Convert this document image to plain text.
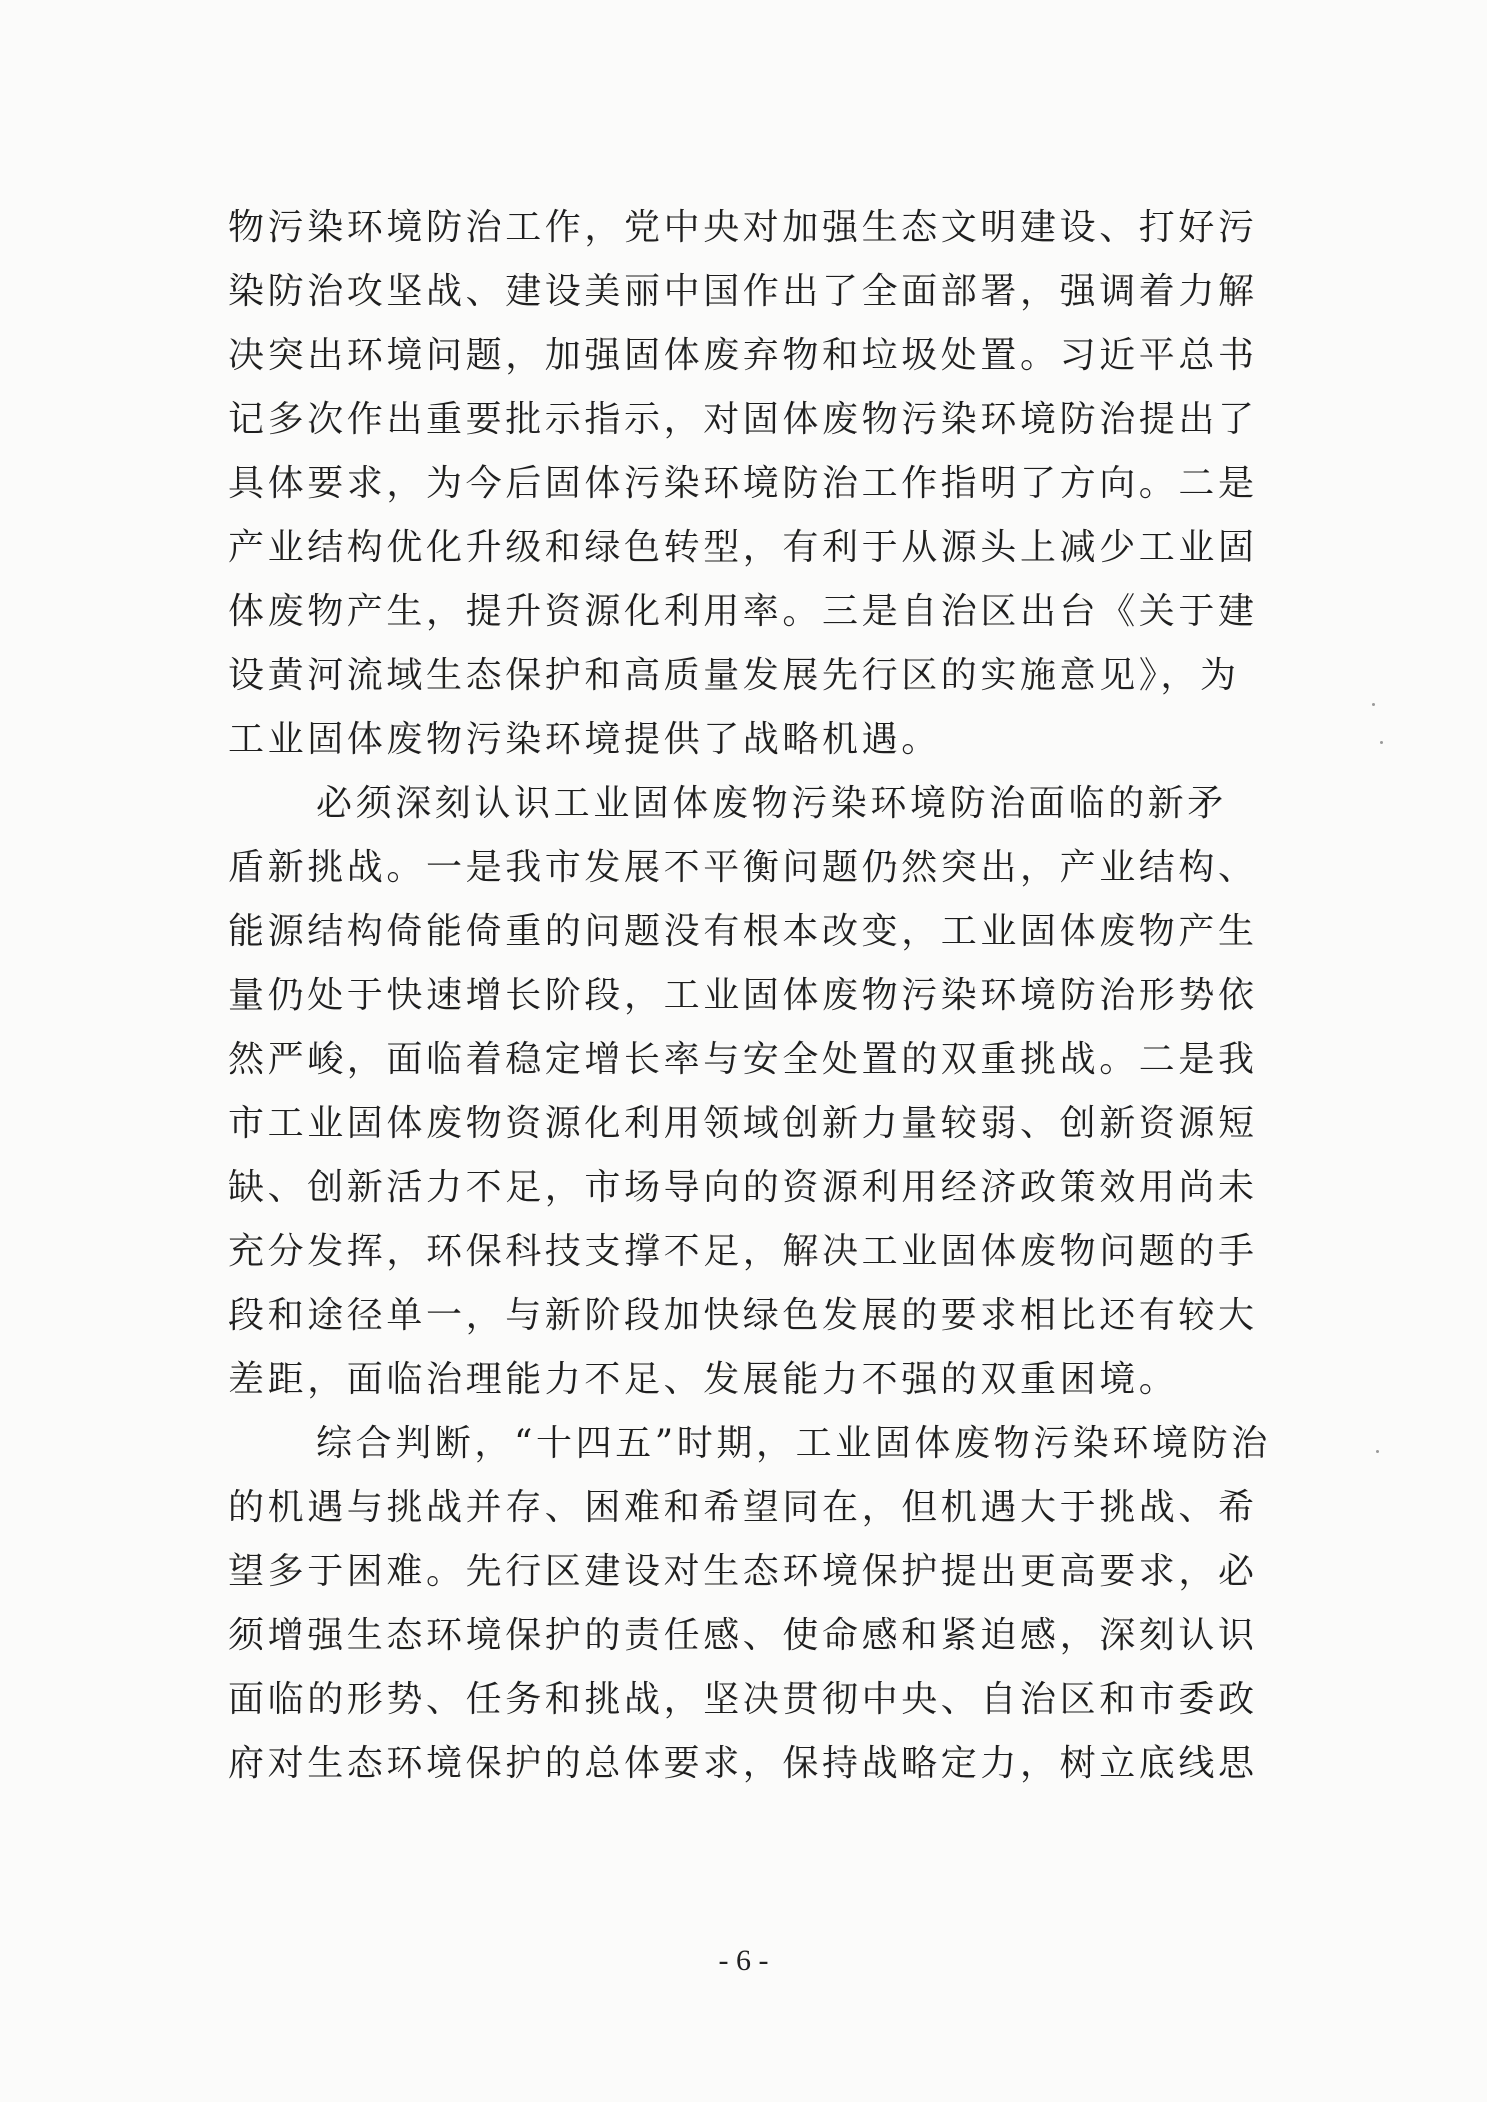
物污染环境防治工作，党中央对加强生态文明建设、打好污
染防治攻坚战、建设美丽中国作出了全面部署，强调着力解
决突出环境问题，加强固体废弃物和垃圾处置。习近平总书
记多次作出重要批示指示，对固体废物污染环境防治提出了
具体要求，为今后固体污染环境防治工作指明了方向。二是
产业结构优化升级和绿色转型，有利于从源头上减少工业固
体废物产生，提升资源化利用率。三是自治区出台《关于建
设黄河流域生态保护和高质量发展先行区的实施意见》，为
工业固体废物污染环境提供了战略机遇。
必须深刻认识工业固体废物污染环境防治面临的新矛
盾新挑战。一是我市发展不平衡问题仍然突出，产业结构、
能源结构倚能倚重的问题没有根本改变，工业固体废物产生
量仍处于快速增长阶段，工业固体废物污染环境防治形势依
然严峻，面临着稳定增长率与安全处置的双重挑战。二是我
市工业固体废物资源化利用领域创新力量较弱、创新资源短
缺、创新活力不足，市场导向的资源利用经济政策效用尚未
充分发挥，环保科技支撑不足，解决工业固体废物问题的手
段和途径单一，与新阶段加快绿色发展的要求相比还有较大
差距，面临治理能力不足、发展能力不强的双重困境。
综合判断，“十四五”时期，工业固体废物污染环境防治
的机遇与挑战并存、困难和希望同在，但机遇大于挑战、希
望多于困难。先行区建设对生态环境保护提出更高要求，必
须增强生态环境保护的责任感、使命感和紧迫感，深刻认识
面临的形势、任务和挑战，坚决贯彻中央、自治区和市委政
府对生态环境保护的总体要求，保持战略定力，树立底线思
- 6 -
